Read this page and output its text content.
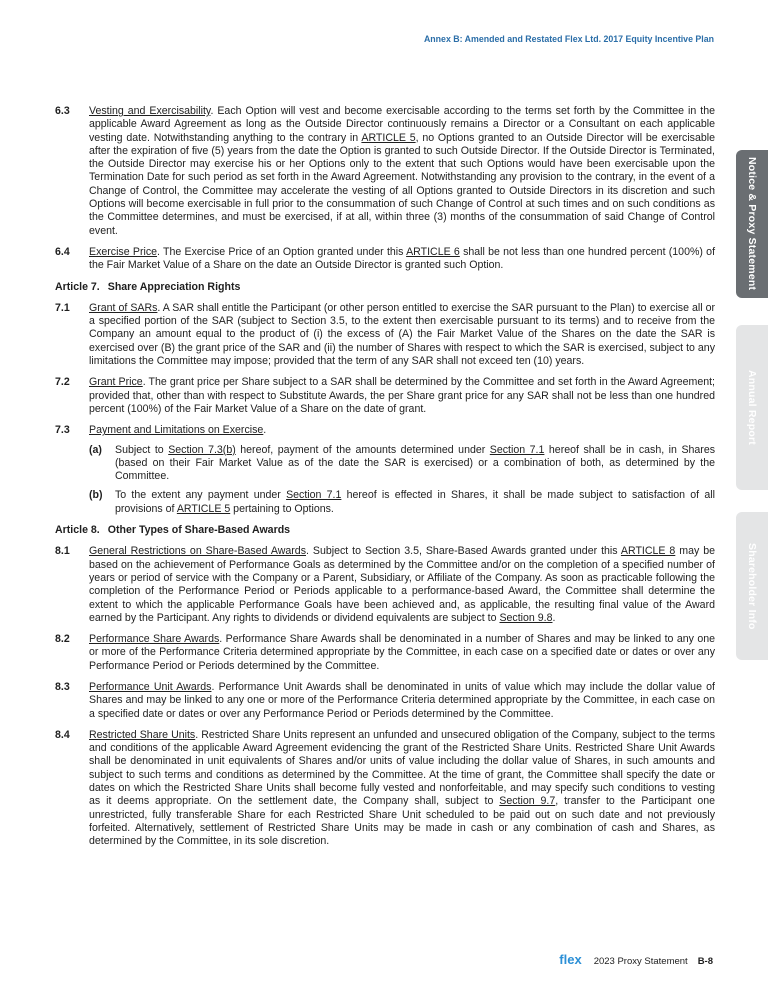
Annex B: Amended and Restated Flex Ltd. 2017 Equity Incentive Plan
Notice & Proxy Statement
Annual Report
Shareholder Info
6.3	Vesting and Exercisability. Each Option will vest and become exercisable according to the terms set forth by the Committee in the applicable Award Agreement as long as the Outside Director continuously remains a Director or a Consultant on each applicable vesting date. Notwithstanding anything to the contrary in ARTICLE 5, no Options granted to an Outside Director will be exercisable after the expiration of five (5) years from the date the Option is granted to such Outside Director. If the Outside Director is Terminated, the Outside Director may exercise his or her Options only to the extent that such Options would have been exercisable upon the Termination Date for such period as set forth in the Award Agreement. Notwithstanding any provision to the contrary, in the event of a Change of Control, the Committee may accelerate the vesting of all Options granted to Outside Directors in its discretion and such Options will become exercisable in full prior to the consummation of such Change of Control at such times and on such conditions as the Committee determines, and must be exercised, if at all, within three (3) months of the consummation of said Change of Control event.
6.4	Exercise Price. The Exercise Price of an Option granted under this ARTICLE 6 shall be not less than one hundred percent (100%) of the Fair Market Value of a Share on the date an Outside Director is granted such Option.
Article 7. Share Appreciation Rights
7.1	Grant of SARs. A SAR shall entitle the Participant (or other person entitled to exercise the SAR pursuant to the Plan) to exercise all or a specified portion of the SAR (subject to Section 3.5, to the extent then exercisable pursuant to its terms) and to receive from the Company an amount equal to the product of (i) the excess of (A) the Fair Market Value of the Shares on the date the SAR is exercised over (B) the grant price of the SAR and (ii) the number of Shares with respect to which the SAR is exercised, subject to any limitations the Committee may impose; provided that the term of any SAR shall not exceed ten (10) years.
7.2	Grant Price. The grant price per Share subject to a SAR shall be determined by the Committee and set forth in the Award Agreement; provided that, other than with respect to Substitute Awards, the per Share grant price for any SAR shall not be less than one hundred percent (100%) of the Fair Market Value of a Share on the date of grant.
7.3	Payment and Limitations on Exercise.
(a)	Subject to Section 7.3(b) hereof, payment of the amounts determined under Section 7.1 hereof shall be in cash, in Shares (based on their Fair Market Value as of the date the SAR is exercised) or a combination of both, as determined by the Committee.
(b)	To the extent any payment under Section 7.1 hereof is effected in Shares, it shall be made subject to satisfaction of all provisions of ARTICLE 5 pertaining to Options.
Article 8. Other Types of Share-Based Awards
8.1	General Restrictions on Share-Based Awards. Subject to Section 3.5, Share-Based Awards granted under this ARTICLE 8 may be based on the achievement of Performance Goals as determined by the Committee and/or on the completion of a specified number of years or period of service with the Company or a Parent, Subsidiary, or Affiliate of the Company. As soon as practicable following the completion of the Performance Period or Periods applicable to a performance-based Award, the Committee shall determine the extent to which the applicable Performance Goals have been achieved and, as applicable, the resulting final value of the Award earned by the Participant. Any rights to dividends or dividend equivalents are subject to Section 9.8.
8.2	Performance Share Awards. Performance Share Awards shall be denominated in a number of Shares and may be linked to any one or more of the Performance Criteria determined appropriate by the Committee, in each case on a specified date or dates or over any Performance Period or Periods determined by the Committee.
8.3	Performance Unit Awards. Performance Unit Awards shall be denominated in units of value which may include the dollar value of Shares and may be linked to any one or more of the Performance Criteria determined appropriate by the Committee, in each case on a specified date or dates or over any Performance Period or Periods determined by the Committee.
8.4	Restricted Share Units. Restricted Share Units represent an unfunded and unsecured obligation of the Company, subject to the terms and conditions of the applicable Award Agreement evidencing the grant of the Restricted Share Units. Restricted Share Unit Awards shall be denominated in unit equivalents of Shares and/or units of value including the dollar value of Shares, in such amounts and subject to such terms and conditions as determined by the Committee. At the time of grant, the Committee shall specify the date or dates on which the Restricted Share Units shall become fully vested and nonforfeitable, and may specify such conditions to vesting as it deems appropriate. On the settlement date, the Company shall, subject to Section 9.7, transfer to the Participant one unrestricted, fully transferable Share for each Restricted Share Unit scheduled to be paid out on such date and not previously forfeited. Alternatively, settlement of Restricted Share Units may be made in cash or any combination of cash and Shares, as determined by the Committee, in its sole discretion.
flex 2023 Proxy Statement B-8
